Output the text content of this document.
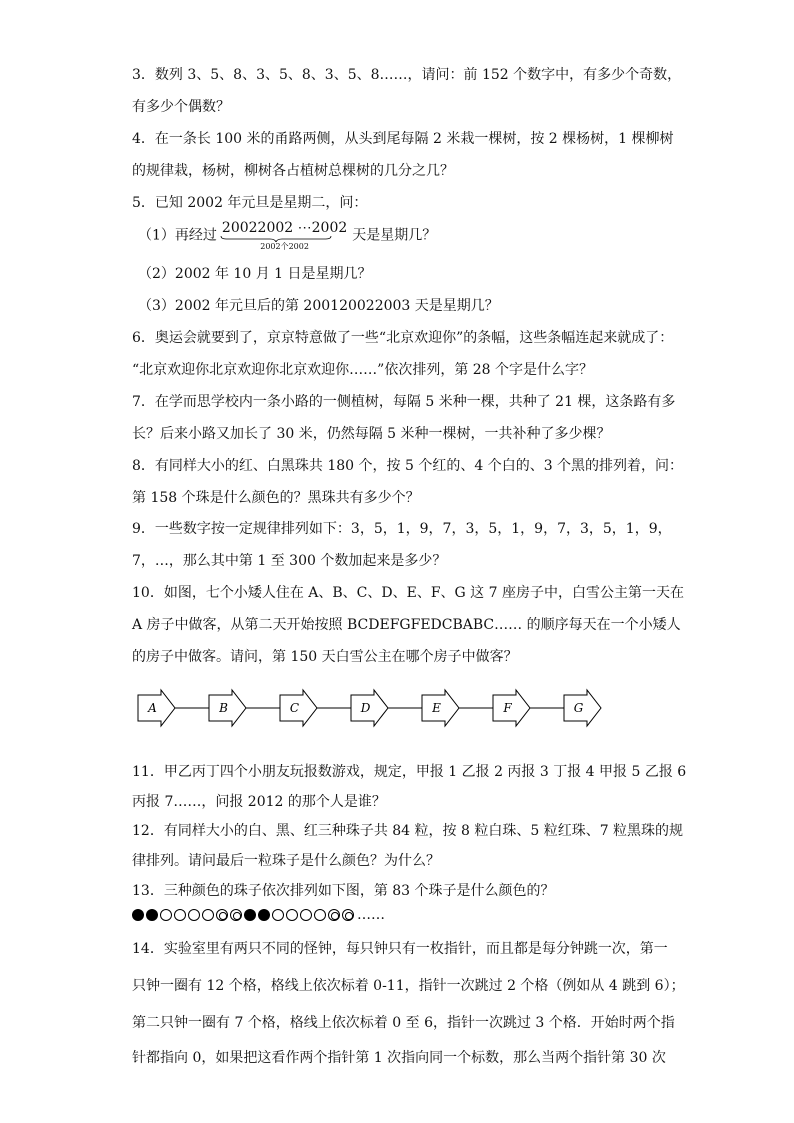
3．数列 3、5、8、3、5、8、3、5、8……，请问：前 152 个数字中，有多少个奇数，
有多少个偶数？
4．在一条长 100 米的甬路两侧，从头到尾每隔 2 米栽一棵树，按 2 棵杨树，1 棵柳树
的规律栽，杨树，柳树各占植树总棵树的几分之几？
5．已知 2002 年元旦是星期二，问：
（1）再经过 20022002 ⋯2002
2002个2002
天是星期几？
（2）2002 年 10 月 1 日是星期几？
（3）2002 年元旦后的第 200120022003 天是星期几？
6．奥运会就要到了，京京特意做了一些“北京欢迎你”的条幅，这些条幅连起来就成了：
“北京欢迎你北京欢迎你北京欢迎你……”依次排列，第 28 个字是什么字？
7．在学而思学校内一条小路的一侧植树，每隔 5 米种一棵，共种了 21 棵，这条路有多
长？后来小路又加长了 30 米，仍然每隔 5 米种一棵树，一共补种了多少棵？
8．有同样大小的红、白黑珠共 180 个，按 5 个红的、4 个白的、3 个黑的排列着，问：
第 158 个珠是什么颜色的？黑珠共有多少个？
9．一些数字按一定规律排列如下：3，5，1，9，7，3，5，1，9，7，3，5，1，9，
7，…，那么其中第 1 至 300 个数加起来是多少？
10．如图，七个小矮人住在 A、B、C、D、E、F、G 这 7 座房子中，白雪公主第一天在
A 房子中做客，从第二天开始按照 BCDEFGFEDCBABC…… 的顺序每天在一个小矮人
的房子中做客。请问，第 150 天白雪公主在哪个房子中做客？
A	B	C	D	E	F	G
11．甲乙丙丁四个小朋友玩报数游戏，规定，甲报 1 乙报 2 丙报 3 丁报 4 甲报 5 乙报 6
丙报 7……，问报 2012 的那个人是谁？
12．有同样大小的白、黑、红三种珠子共 84 粒，按 8 粒白珠、5 粒红珠、7 粒黑珠的规
律排列。请问最后一粒珠子是什么颜色？为什么？
13．三种颜色的珠子依次排列如下图，第 83 个珠子是什么颜色的？
……
14．实验室里有两只不同的怪钟，每只钟只有一枚指针，而且都是每分钟跳一次，第一
只钟一圈有 12 个格，格线上依次标着 0-11，指针一次跳过 2 个格（例如从 4 跳到 6）；
第二只钟一圈有 7 个格，格线上依次标着 0 至 6，指针一次跳过 3 个格．开始时两个指
针都指向 0，如果把这看作两个指针第 1 次指向同一个标数，那么当两个指针第 30 次
